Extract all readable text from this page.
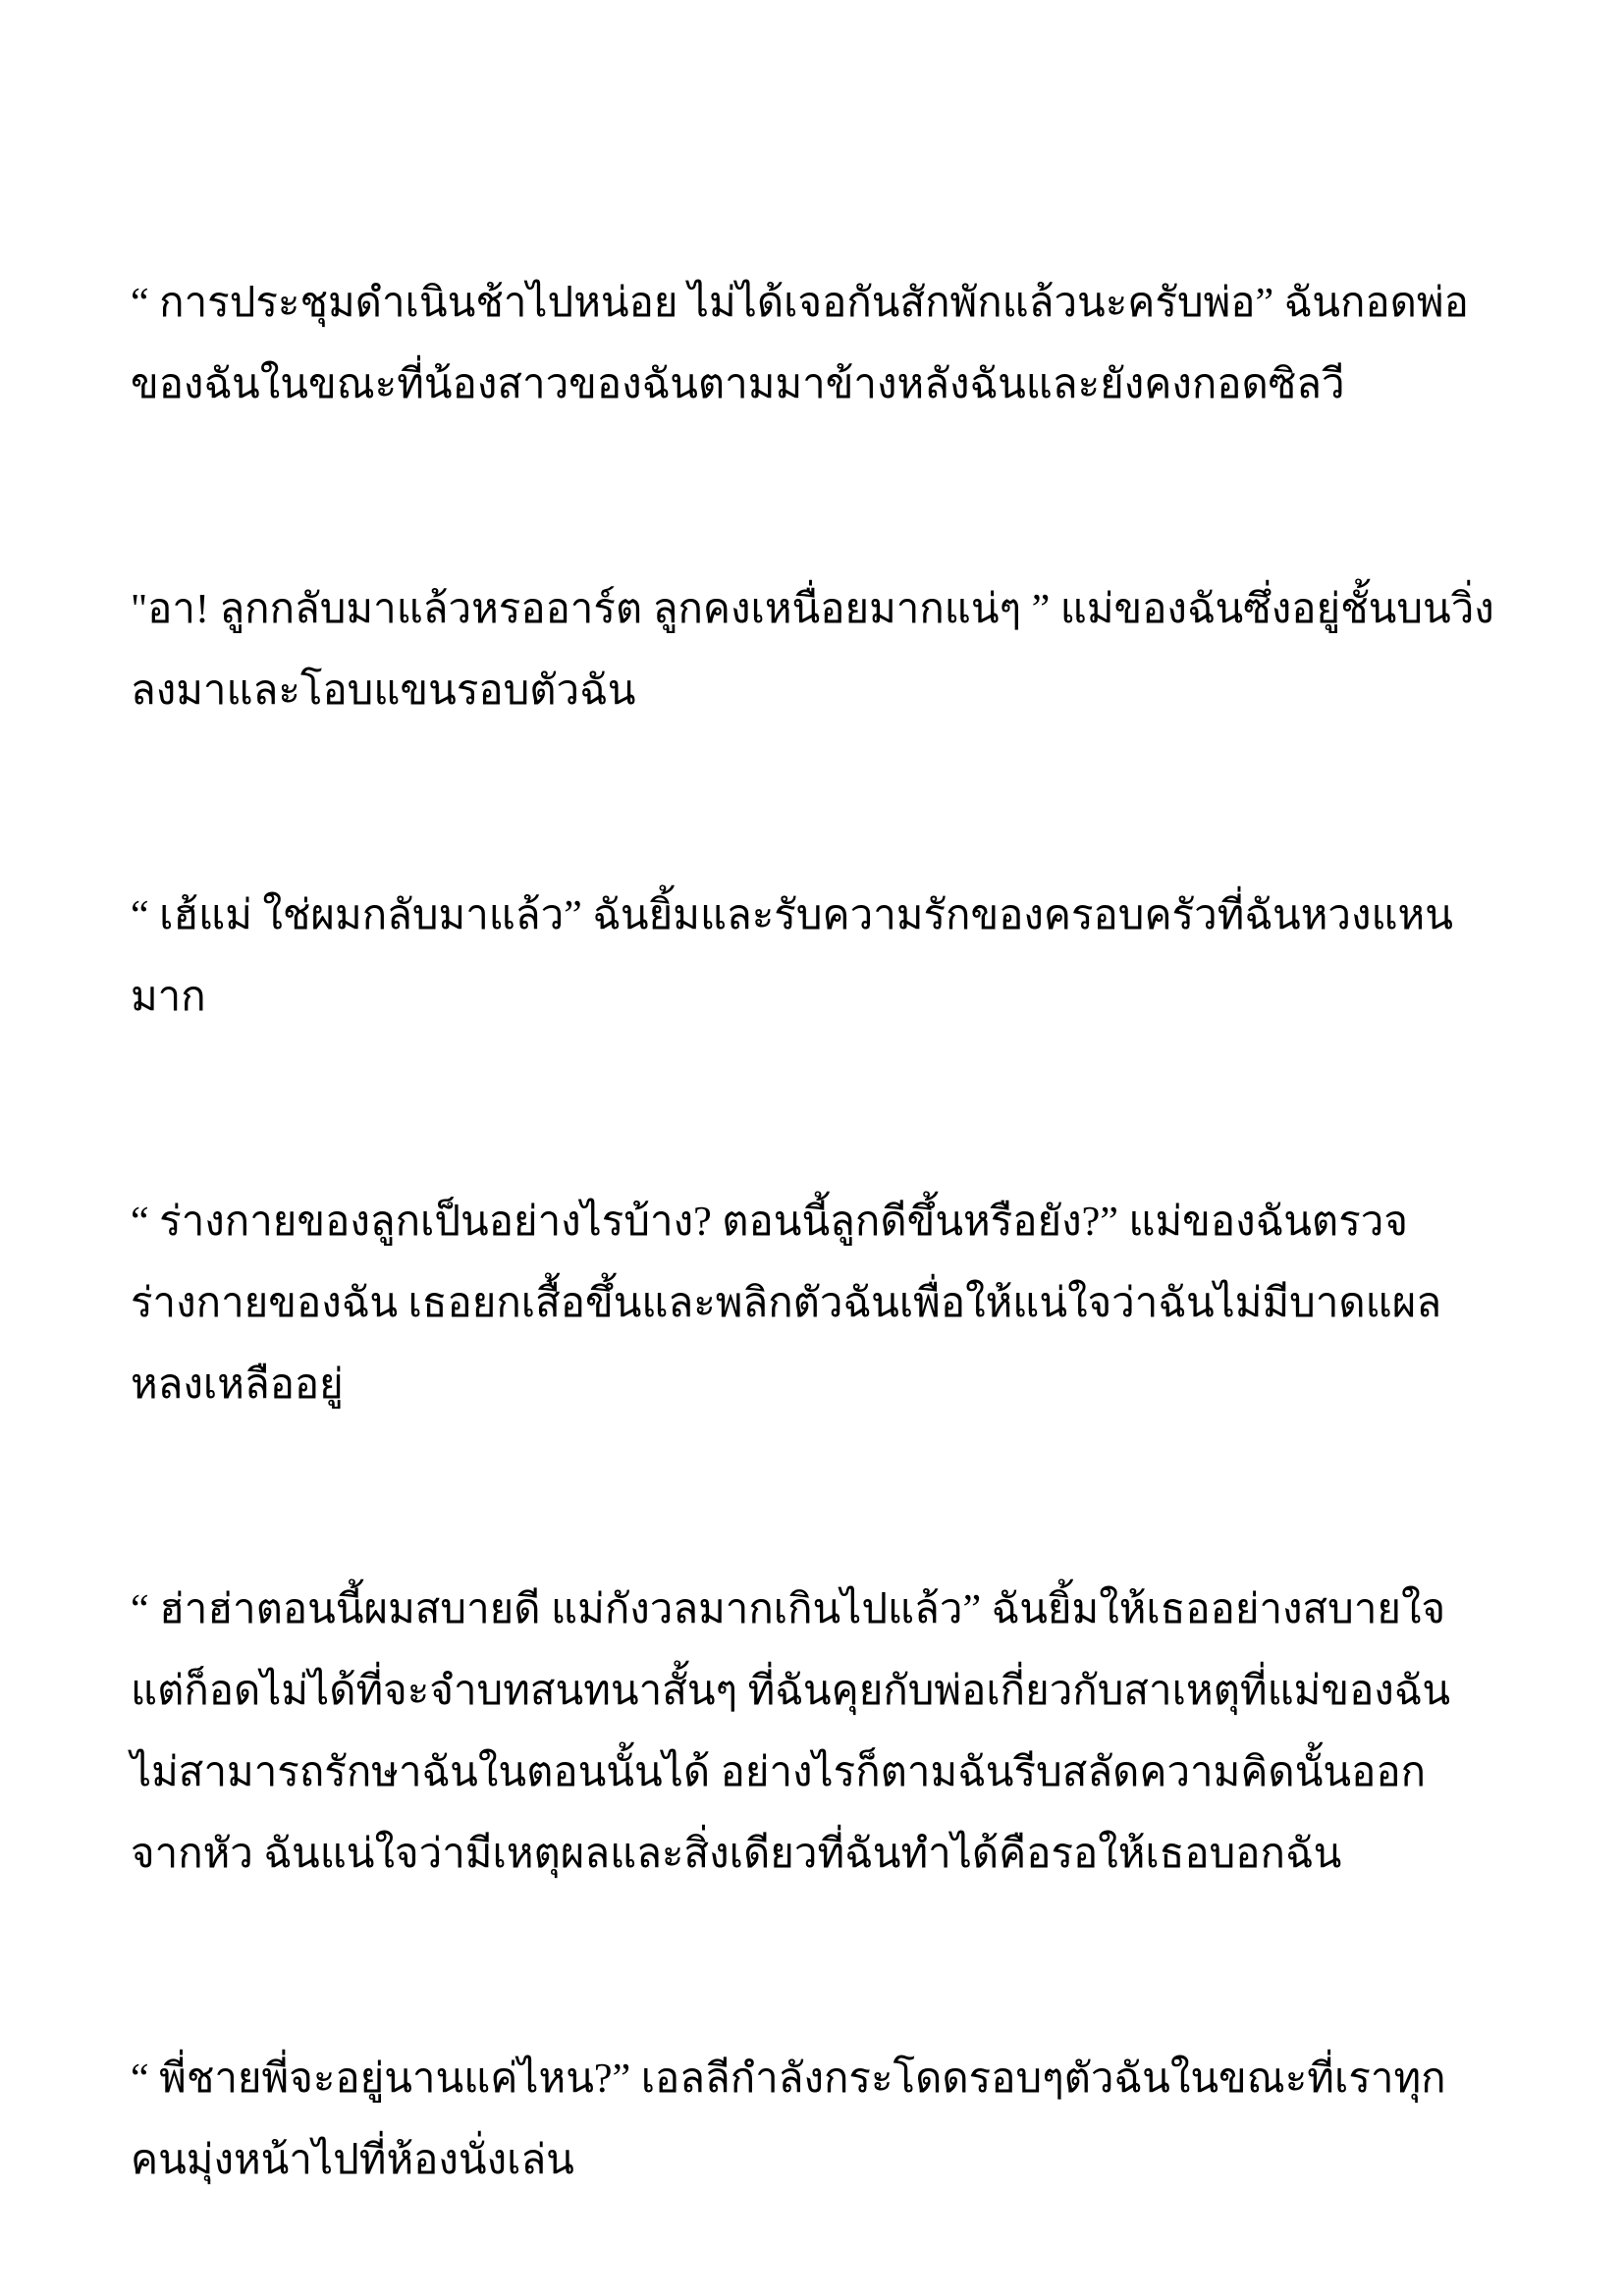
“ การประชุมดำเนินช้าไปหน่อย ไม่ได้เจอกันสักพักแล้วนะครับพ่อ” ฉันกอดพ่อของฉันในขณะที่น้องสาวของฉันตามมาข้างหลังฉันและยังคงกอดซิลวี

"อา! ลูกกลับมาแล้วหรออาร์ต ลูกคงเหนื่อยมากแน่ๆ ” แม่ของฉันซึ่งอยู่ชั้นบนวิ่งลงมาและโอบแขนรอบตัวฉัน

“ เฮ้แม่ ใช่ผมกลับมาแล้ว” ฉันยิ้มและรับความรักของครอบครัวที่ฉันหวงแหนมาก

“ ร่างกายของลูกเป็นอย่างไรบ้าง? ตอนนี้ลูกดีขึ้นหรือยัง?” แม่ของฉันตรวจร่างกายของฉัน เธอยกเสื้อขึ้นและพลิกตัวฉันเพื่อให้แน่ใจว่าฉันไม่มีบาดแผลหลงเหลืออยู่

“ ฮ่าฮ่าตอนนี้ผมสบายดี แม่กังวลมากเกินไปแล้ว” ฉันยิ้มให้เธออย่างสบายใจ แต่ก็อดไม่ได้ที่จะจำบทสนทนาสั้นๆ ที่ฉันคุยกับพ่อเกี่ยวกับสาเหตุที่แม่ของฉันไม่สามารถรักษาฉันในตอนนั้นได้ อย่างไรก็ตามฉันรีบสลัดความคิดนั้นออกจากหัว ฉันแน่ใจว่ามีเหตุผลและสิ่งเดียวที่ฉันทำได้คือรอให้เธอบอกฉัน

“ พี่ชายพี่จะอยู่นานแค่ไหน?” เอลลีกำลังกระโดดรอบๆตัวฉันในขณะที่เราทุกคนมุ่งหน้าไปที่ห้องนั่งเล่น
